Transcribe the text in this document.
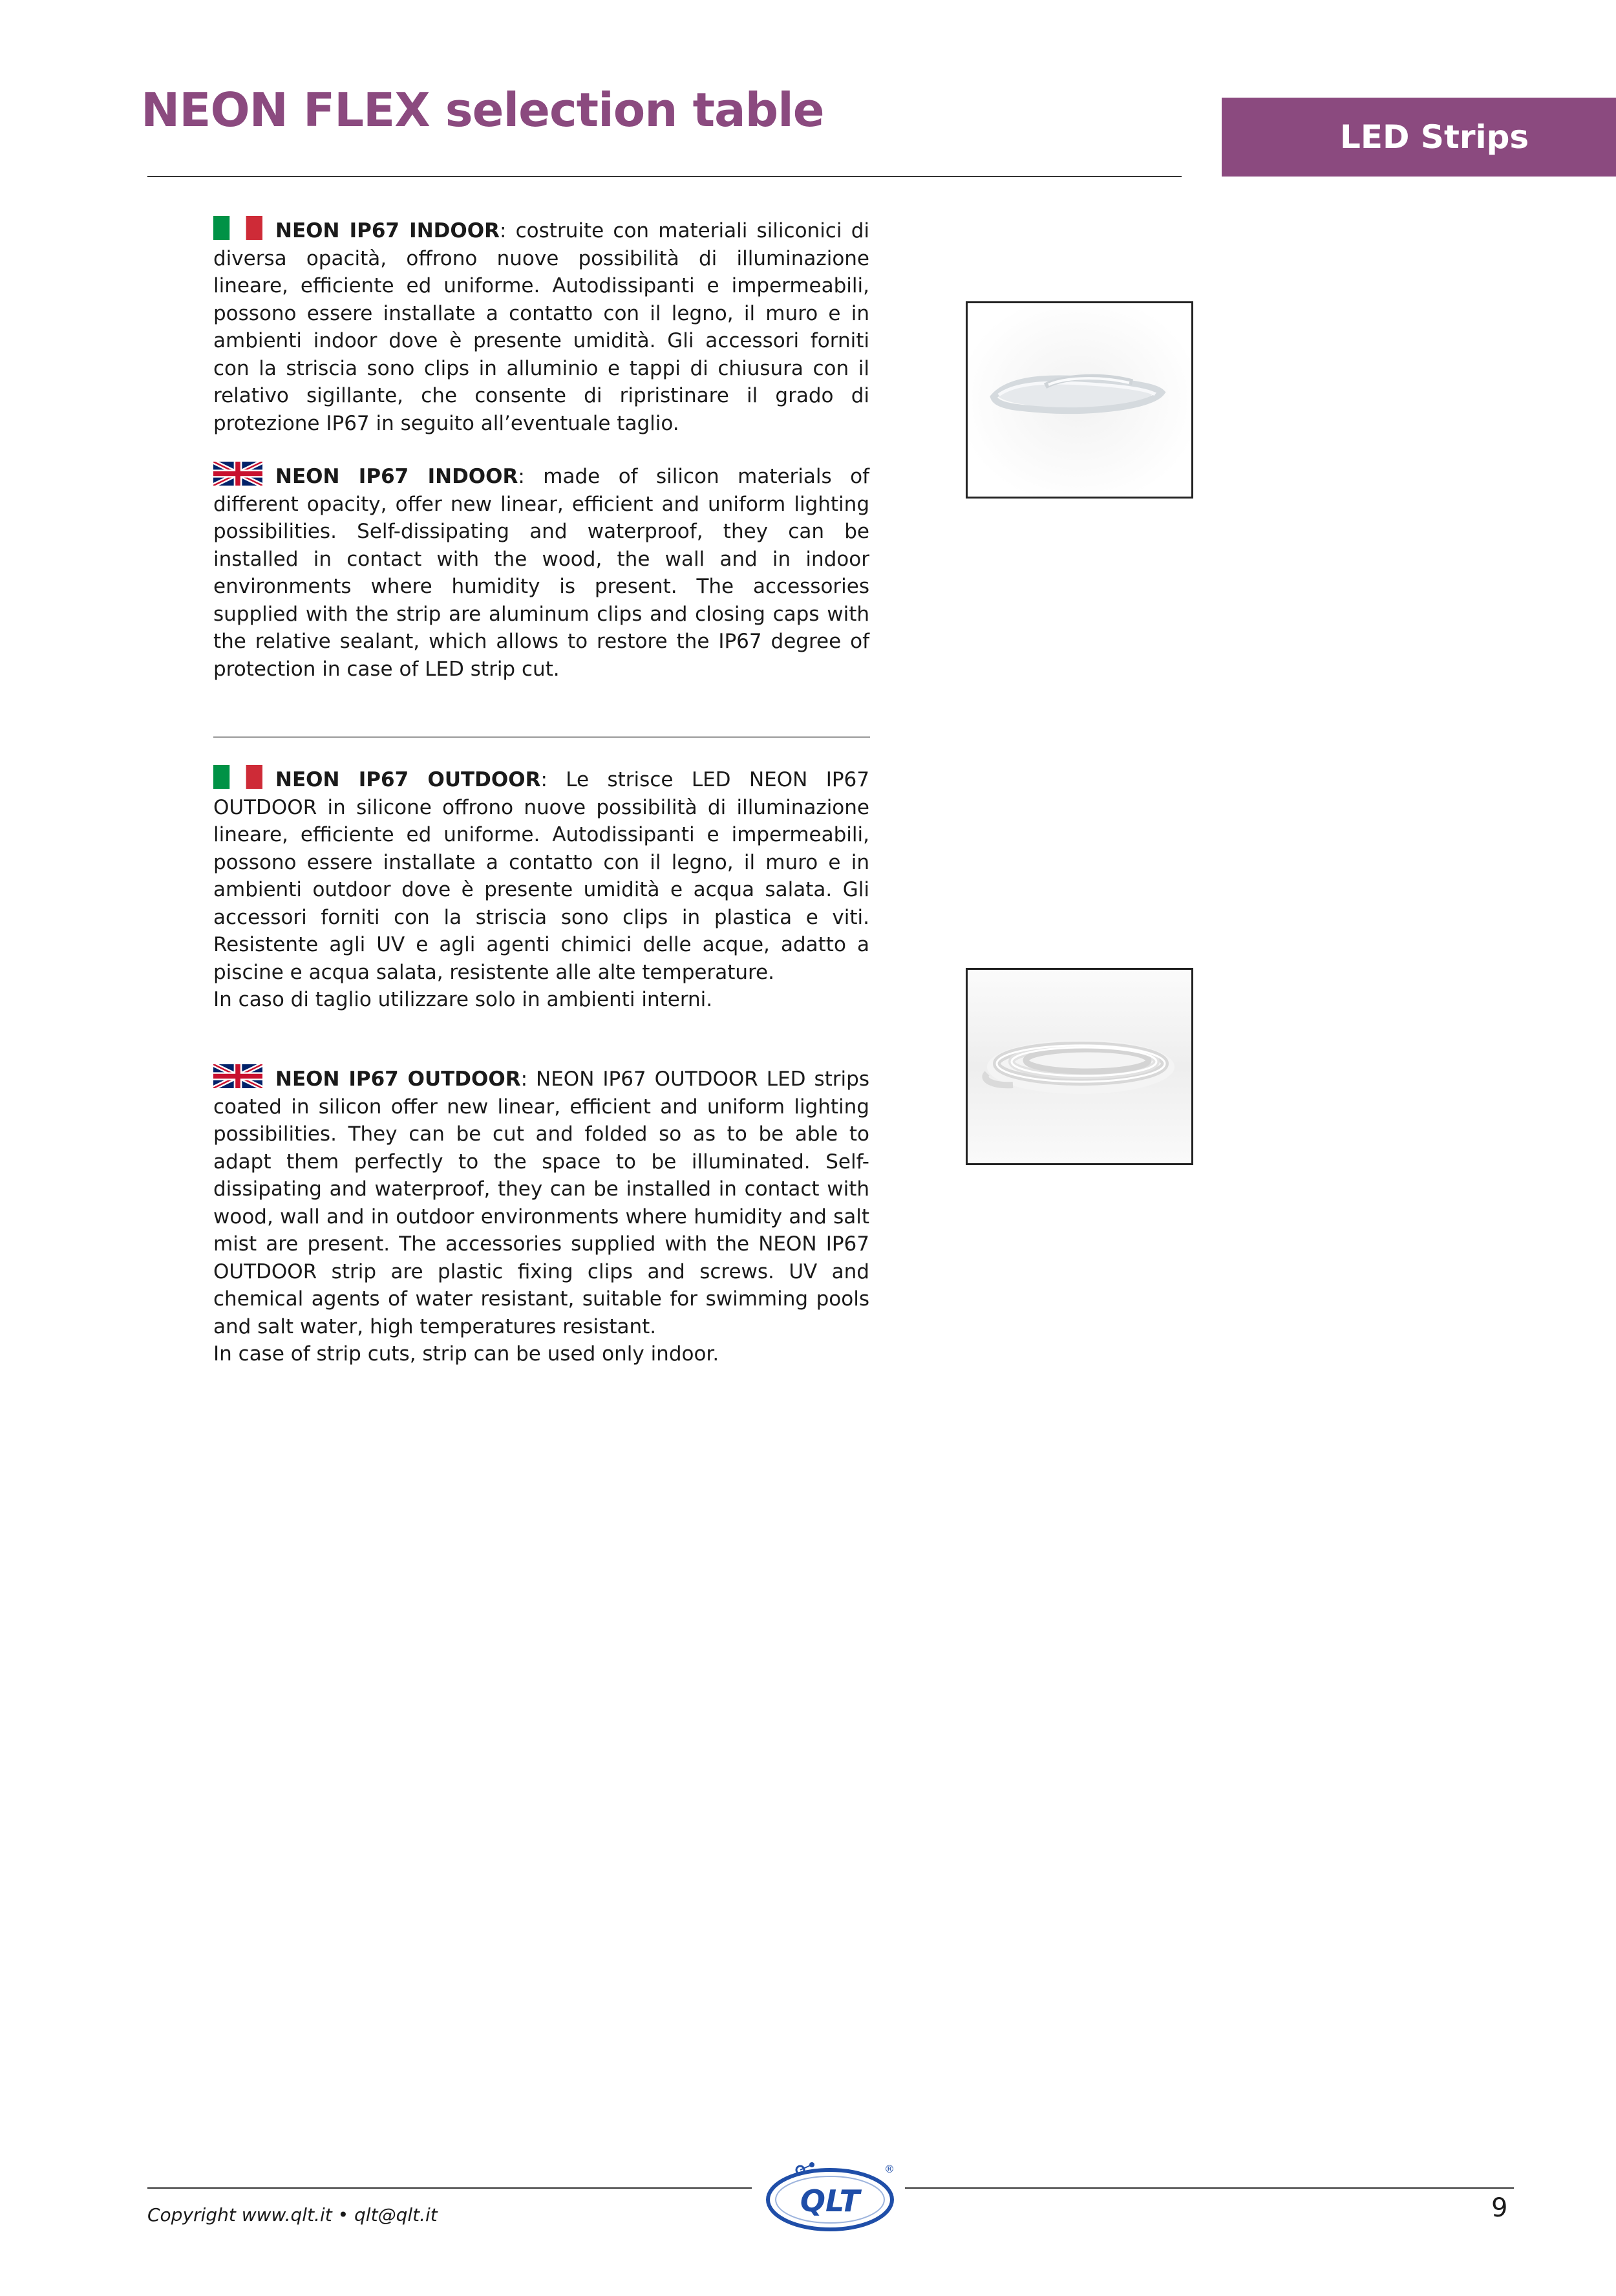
NEON FLEX selection table	LED Strips

NEON IP67 INDOOR: costruite con materiali siliconici di diversa opacità, offrono nuove possibilità di illuminazione lineare, efficiente ed uniforme. Autodissipanti e impermeabili, possono essere installate a contatto con il legno, il muro e in ambienti indoor dove è presente umidità. Gli accessori forniti con la striscia sono clips in alluminio e tappi di chiusura con il relativo sigillante, che consente di ripristinare il grado di protezione IP67 in seguito all’eventuale taglio.

NEON IP67 INDOOR: made of silicon materials of different opacity, offer new linear, efficient and uniform lighting possibilities. Self-dissipating and waterproof, they can be installed in contact with the wood, the wall and in indoor environments where humidity is present. The accessories supplied with the strip are aluminum clips and closing caps with the relative sealant, which allows to restore the IP67 degree of protection in case of LED strip cut.

NEON IP67 OUTDOOR: Le strisce LED NEON IP67 OUTDOOR in silicone offrono nuove possibilità di illuminazione lineare, efficiente ed uniforme. Autodissipanti e impermeabili, possono essere installate a contatto con il legno, il muro e in ambienti outdoor dove è presente umidità e acqua salata. Gli accessori forniti con la striscia sono clips in plastica e viti. Resistente agli UV e agli agenti chimici delle acque, adatto a piscine e acqua salata, resistente alle alte temperature.

In caso di taglio utilizzare solo in ambienti interni.

NEON IP67 OUTDOOR: NEON IP67 OUTDOOR LED strips coated in silicon offer new linear, efficient and uniform lighting possibilities. They can be cut and folded so as to be able to adapt them perfectly to the space to be illuminated. Self-dissipating and waterproof, they can be installed in contact with wood, wall and in outdoor environments where humidity and salt mist are present. The accessories supplied with the NEON IP67 OUTDOOR strip are plastic fixing clips and screws. UV and chemical agents of water resistant, suitable for swimming pools and salt water, high temperatures resistant.

In case of strip cuts, strip can be used only indoor.

QLT
®
Copyright www.qlt.it • qlt@qlt.it	9
